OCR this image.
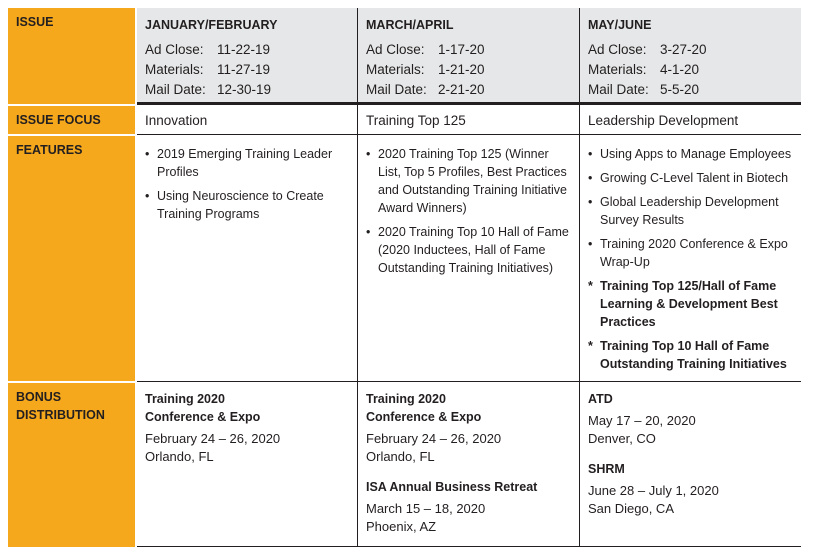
ISSUE
ISSUE FOCUS
FEATURES
BONUS
DISTRIBUTION
JANUARY/FEBRUARY
Ad Close: 11-22-19
Materials: 11-27-19
Mail Date: 12-30-19
MARCH/APRIL
Ad Close: 1-17-20
Materials: 1-21-20
Mail Date: 2-21-20
MAY/JUNE
Ad Close: 3-27-20
Materials: 4-1-20
Mail Date: 5-5-20
Innovation	Training Top 125	Leadership Development
• 2019 Emerging Training Leader Profiles
• Using Neuroscience to Create Training Programs
• 2020 Training Top 125 (Winner List, Top 5 Profiles, Best Practices and Outstanding Training Initiative Award Winners)
• 2020 Training Top 10 Hall of Fame (2020 Inductees, Hall of Fame Outstanding Training Initiatives)
• Using Apps to Manage Employees
• Growing C-Level Talent in Biotech
• Global Leadership Development Survey Results
• Training 2020 Conference & Expo Wrap-Up
* Training Top 125/Hall of Fame Learning & Development Best Practices
* Training Top 10 Hall of Fame Outstanding Training Initiatives
Training 2020
Conference & Expo
February 24 – 26, 2020
Orlando, FL
Training 2020
Conference & Expo
February 24 – 26, 2020
Orlando, FL
ISA Annual Business Retreat
March 15 – 18, 2020
Phoenix, AZ
ATD
May 17 – 20, 2020
Denver, CO
SHRM
June 28 – July 1, 2020
San Diego, CA
